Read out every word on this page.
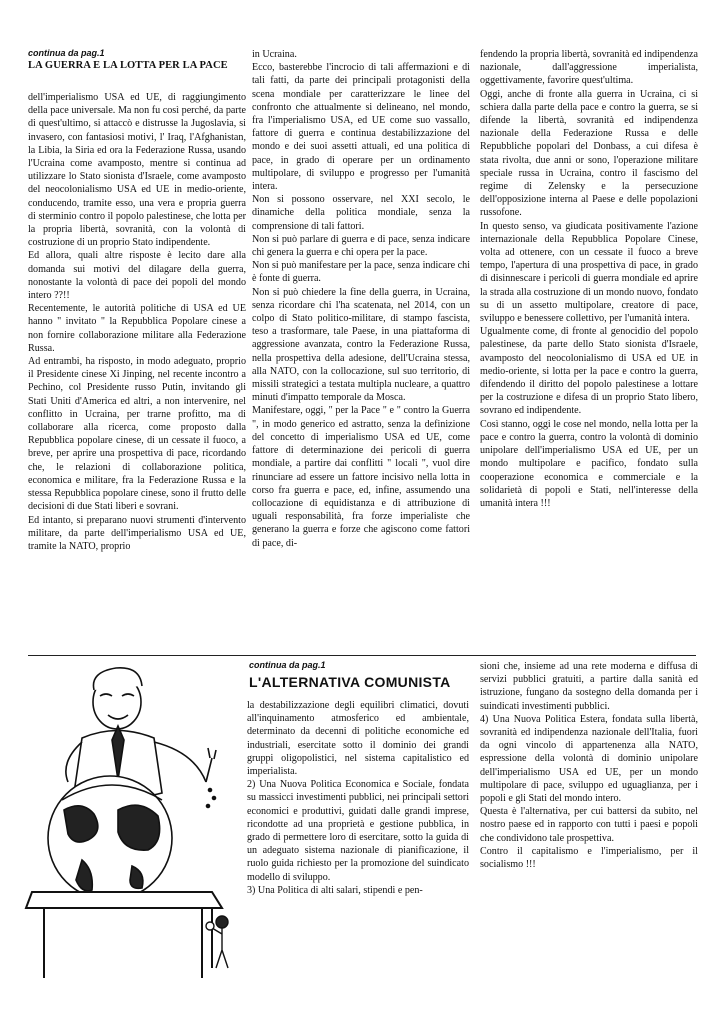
continua da pag.1
LA GUERRA E LA LOTTA PER LA PACE

dell'imperialismo USA ed UE, di raggiungimento della pace universale. Ma non fu così perché, da parte di quest'ultimo, si attaccò e distrusse la Jugoslavia, si invasero, con fantasiosi motivi, l' Iraq, l'Afghanistan, la Libia, la Siria ed ora la Federazione Russa, usando l'Ucraina come avamposto, mentre si continua ad utilizzare lo Stato sionista d'Israele, come avamposto del neocolonialismo USA ed UE in medio-oriente, conducendo, tramite esso, una vera e propria guerra di sterminio contro il popolo palestinese, che lotta per la propria libertà, sovranità, con la volontà di costruzione di un proprio Stato indipendente.

Ed allora, quali altre risposte è lecito dare alla domanda sui motivi del dilagare della guerra, nonostante la volontà di pace dei popoli del mondo intero ??!!

Recentemente, le autorità politiche di USA ed UE hanno " invitato " la Repubblica Popolare cinese a non fornire collaborazione militare alla Federazione Russa.

Ad entrambi, ha risposto, in modo adeguato, proprio il Presidente cinese Xi Jinping, nel recente incontro a Pechino, col Presidente russo Putin, invitando gli Stati Uniti d'America ed altri, a non intervenire, nel conflitto in Ucraina, per trarne profitto, ma di collaborare alla ricerca, come proposto dalla Repubblica popolare cinese, di un cessate il fuoco, a breve, per aprire una prospettiva di pace, ricordando che, le relazioni di collaborazione politica, economica e militare, fra la Federazione Russa e la stessa Repubblica popolare cinese, sono il frutto delle decisioni di due Stati liberi e sovrani.

Ed intanto, si preparano nuovi strumenti d'intervento militare, da parte dell'imperialismo USA ed UE, tramite la NATO, proprio

in Ucraina.

Ecco, basterebbe l'incrocio di tali affermazioni e di tali fatti, da parte dei principali protagonisti della scena mondiale per caratterizzare le linee del confronto che attualmente si delineano, nel mondo, fra l'imperialismo USA, ed UE come suo vassallo, fattore di guerra e continua destabilizzazione del mondo e dei suoi assetti attuali, ed una politica di pace, in grado di operare per un ordinamento multipolare, di sviluppo e progresso per l'umanità intera.

Non si possono osservare, nel XXI secolo, le dinamiche della politica mondiale, senza la comprensione di tali fattori.

Non si può parlare di guerra e di pace, senza indicare chi genera la guerra e chi opera per la pace.

Non si può manifestare per la pace, senza indicare chi è fonte di guerra.

Non si può chiedere la fine della guerra, in Ucraina, senza ricordare chi l'ha scatenata, nel 2014, con un colpo di Stato politico-militare, di stampo fascista, teso a trasformare, tale Paese, in una piattaforma di aggressione avanzata, contro la Federazione Russa, nella prospettiva della adesione, dell'Ucraina stessa, alla NATO, con la collocazione, sul suo territorio, di missili strategici a testata multipla nucleare, a quattro minuti d'impatto temporale da Mosca.

Manifestare, oggi, " per la Pace " e " contro la Guerra ", in modo generico ed astratto, senza la definizione del concetto di imperialismo USA ed UE, come fattore di determinazione dei pericoli di guerra mondiale, a partire dai conflitti " locali ", vuol dire rinunciare ad essere un fattore incisivo nella lotta in corso fra guerra e pace, ed, infine, assumendo una collocazione di equidistanza e di attribuzione di uguali responsabilità, fra forze imperialiste che generano la guerra e forze che agiscono come fattori di pace, di-

fendendo la propria libertà, sovranità ed indipendenza nazionale, dall'aggressione imperialista, oggettivamente, favorire quest'ultima.

Oggi, anche di fronte alla guerra in Ucraina, ci si schiera dalla parte della pace e contro la guerra, se si difende la libertà, sovranità ed indipendenza nazionale della Federazione Russa e delle Repubbliche popolari del Donbass, a cui difesa è stata rivolta, due anni or sono, l'operazione militare speciale russa in Ucraina, contro il fascismo del regime di Zelensky e la persecuzione dell'opposizione interna al Paese e delle popolazioni russofone.

In questo senso, va giudicata positivamente l'azione internazionale della Repubblica Popolare Cinese, volta ad ottenere, con un cessate il fuoco a breve tempo, l'apertura di una prospettiva di pace, in grado di disinnescare i pericoli di guerra mondiale ed aprire la strada alla costruzione di un mondo nuovo, fondato su di un assetto multipolare, creatore di pace, sviluppo e benessere collettivo, per l'umanità intera.

Ugualmente come, di fronte al genocidio del popolo palestinese, da parte dello Stato sionista d'Israele, avamposto del neocolonialismo di USA ed UE in medio-oriente, si lotta per la pace e contro la guerra, difendendo il diritto del popolo palestinese a lottare per la costruzione e difesa di un proprio Stato libero, sovrano ed indipendente.

Così stanno, oggi le cose nel mondo, nella lotta per la pace e contro la guerra, contro la volontà di dominio unipolare dell'imperialismo USA ed UE, per un mondo multipolare e pacifico, fondato sulla cooperazione economica e commerciale e la solidarietà di popoli e Stati, nell'interesse della umanità intera !!!

continua da pag.1
L'ALTERNATIVA COMUNISTA

la destabilizzazione degli equilibri climatici, dovuti all'inquinamento atmosferico ed ambientale, determinato da decenni di politiche economiche ed industriali, esercitate sotto il dominio dei grandi gruppi oligopolistici, nel sistema capitalistico ed imperialista.

2) Una Nuova Politica Economica e Sociale, fondata su massicci investimenti pubblici, nei principali settori economici e produttivi, guidati dalle grandi imprese, ricondotte ad una proprietà e gestione pubblica, in grado di permettere loro di esercitare, sotto la guida di un adeguato sistema nazionale di pianificazione, il ruolo guida richiesto per la promozione del suindicato modello di sviluppo.

3) Una Politica di alti salari, stipendi e pen-

sioni che, insieme ad una rete moderna e diffusa di servizi pubblici gratuiti, a partire dalla sanità ed istruzione, fungano da sostegno della domanda per i suindicati investimenti pubblici.

4) Una Nuova Politica Estera, fondata sulla libertà, sovranità ed indipendenza nazionale dell'Italia, fuori da ogni vincolo di appartenenza alla NATO, espressione della volontà di dominio unipolare dell'imperialismo USA ed UE, per un mondo multipolare di pace, sviluppo ed uguaglianza, per i popoli e gli Stati del mondo intero.

Questa è l'alternativa, per cui battersi da subito, nel nostro paese ed in rapporto con tutti i paesi e popoli che condividono tale prospettiva.

Contro il capitalismo e l'imperialismo, per il socialismo !!!
